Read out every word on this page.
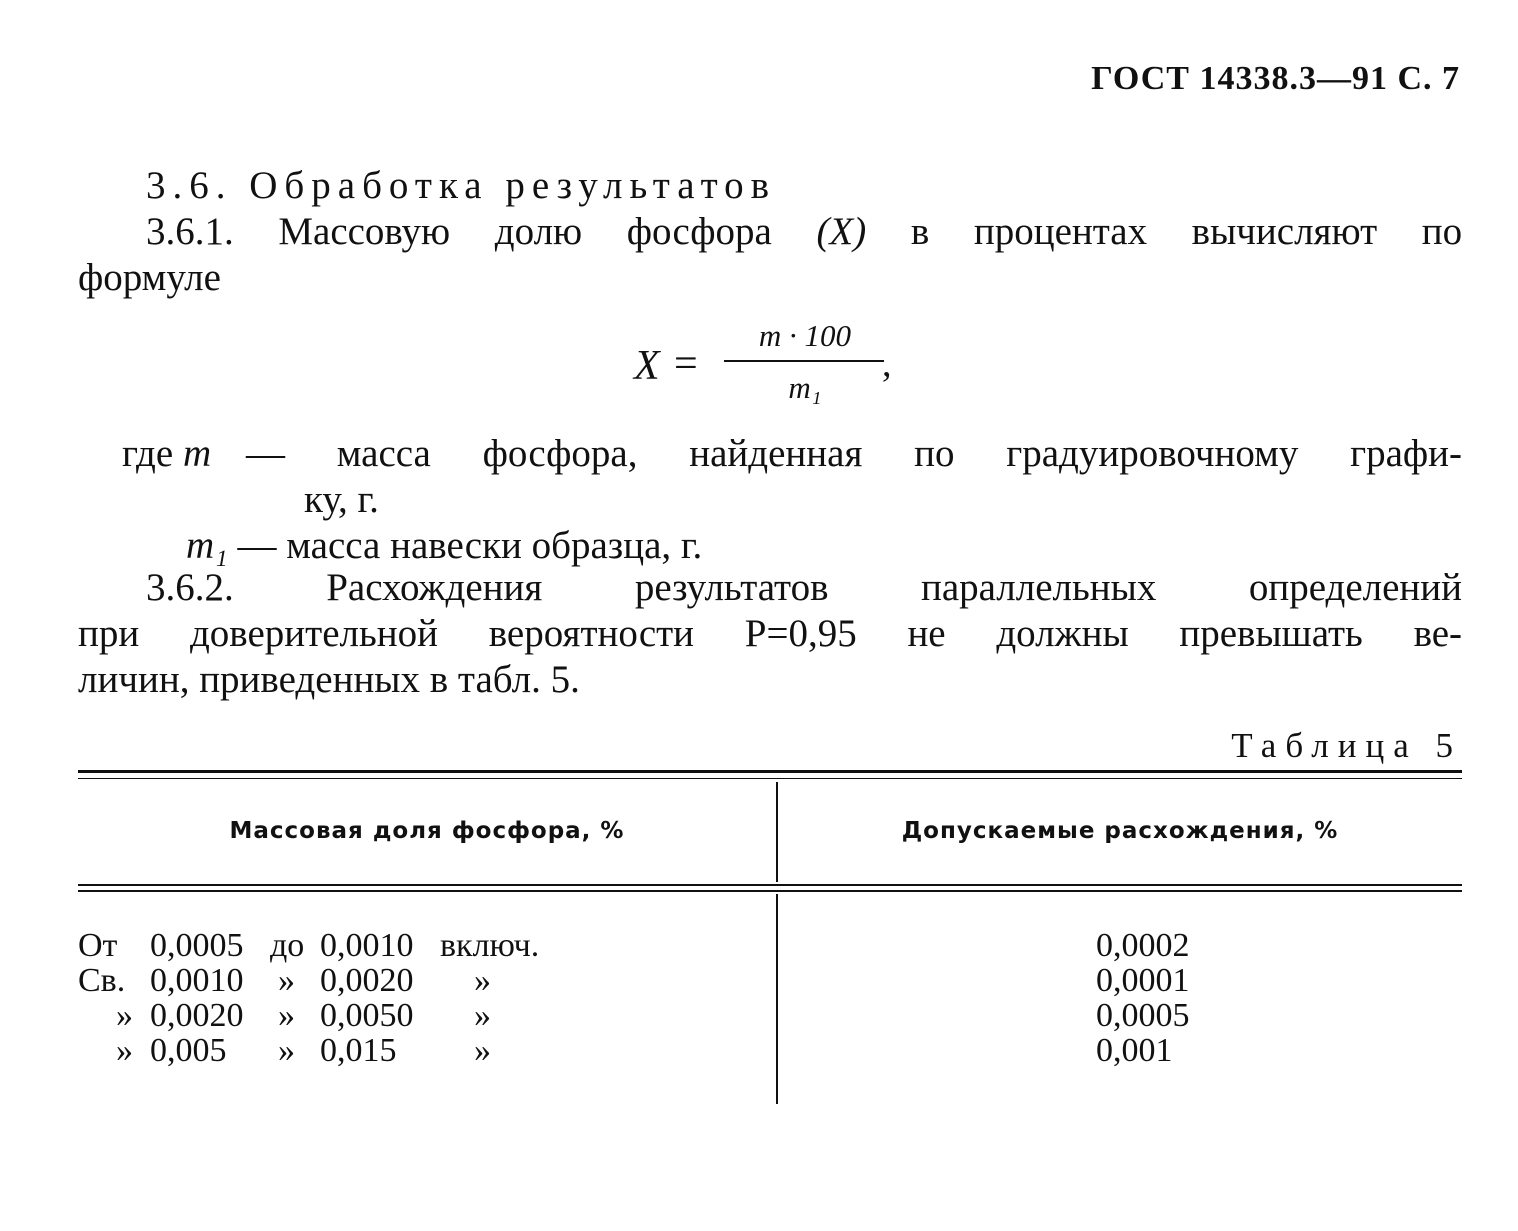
ГОСТ 14338.3—91 С. 7
3.6. Обработка результатов
3.6.1. Массовую долю фосфора (X) в процентах вычисляют по
формуле
X =
m · 100
m₁
,
где m — масса фосфора, найденная по градуировочному графи-
ку, г.
m₁ — масса навески образца, г.
3.6.2. Расхождения результатов параллельных определений
при доверительной вероятности P=0,95 не должны превышать ве-
личин, приведенных в табл. 5.
Таблица 5
Массовая доля фосфора, %	Допускаемые расхождения, %
От 0,0005 до 0,0010 включ.	0,0002
Св. 0,0010 » 0,0020 »	0,0001
» 0,0020 » 0,0050 »	0,0005
» 0,005 » 0,015 »	0,001
